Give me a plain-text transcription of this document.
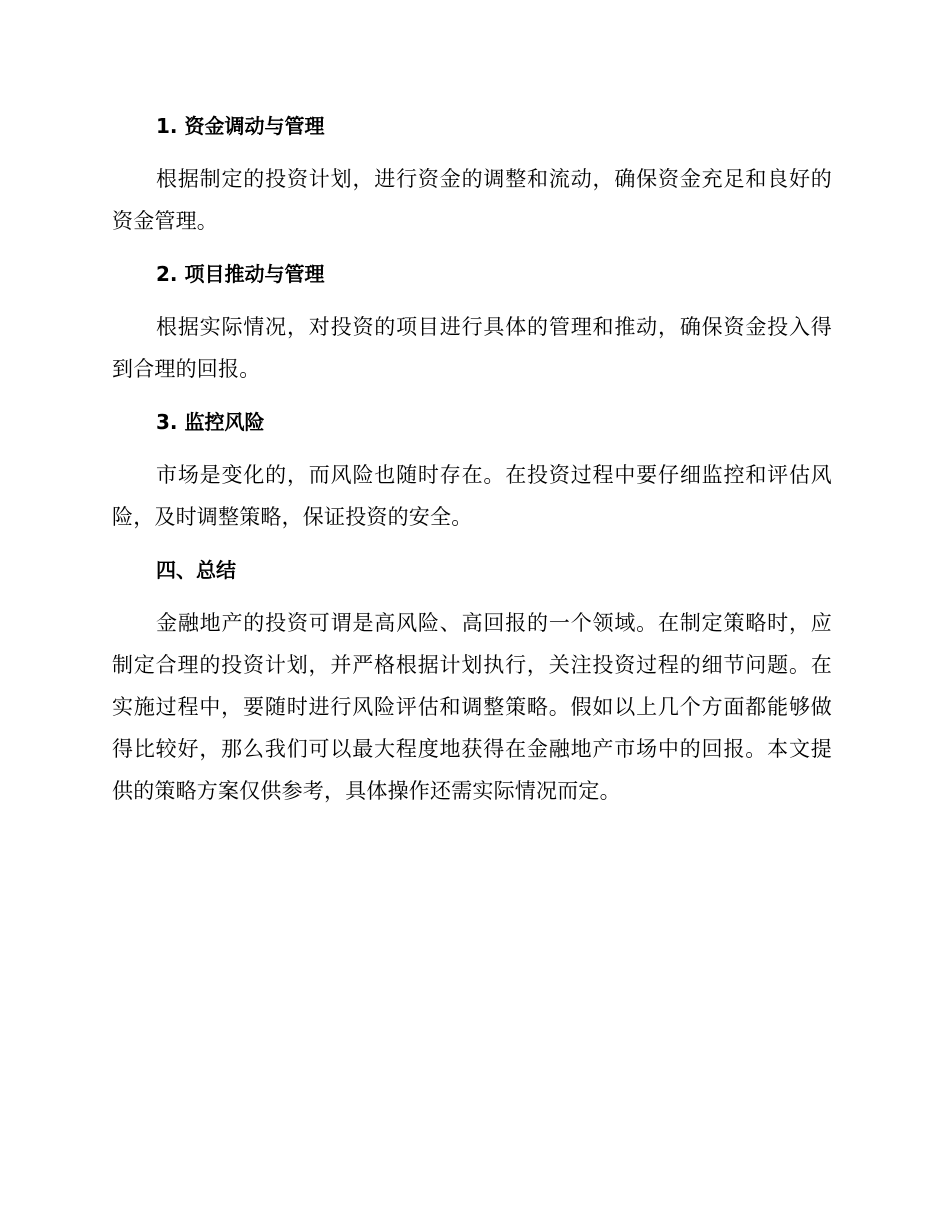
1. 资金调动与管理

根据制定的投资计划，进行资金的调整和流动，确保资金充足和良好的资金管理。

2. 项目推动与管理

根据实际情况，对投资的项目进行具体的管理和推动，确保资金投入得到合理的回报。

3. 监控风险

市场是变化的，而风险也随时存在。在投资过程中要仔细监控和评估风险，及时调整策略，保证投资的安全。

四、总结

金融地产的投资可谓是高风险、高回报的一个领域。在制定策略时，应制定合理的投资计划，并严格根据计划执行，关注投资过程的细节问题。在实施过程中，要随时进行风险评估和调整策略。假如以上几个方面都能够做得比较好，那么我们可以最大程度地获得在金融地产市场中的回报。本文提供的策略方案仅供参考，具体操作还需实际情况而定。
